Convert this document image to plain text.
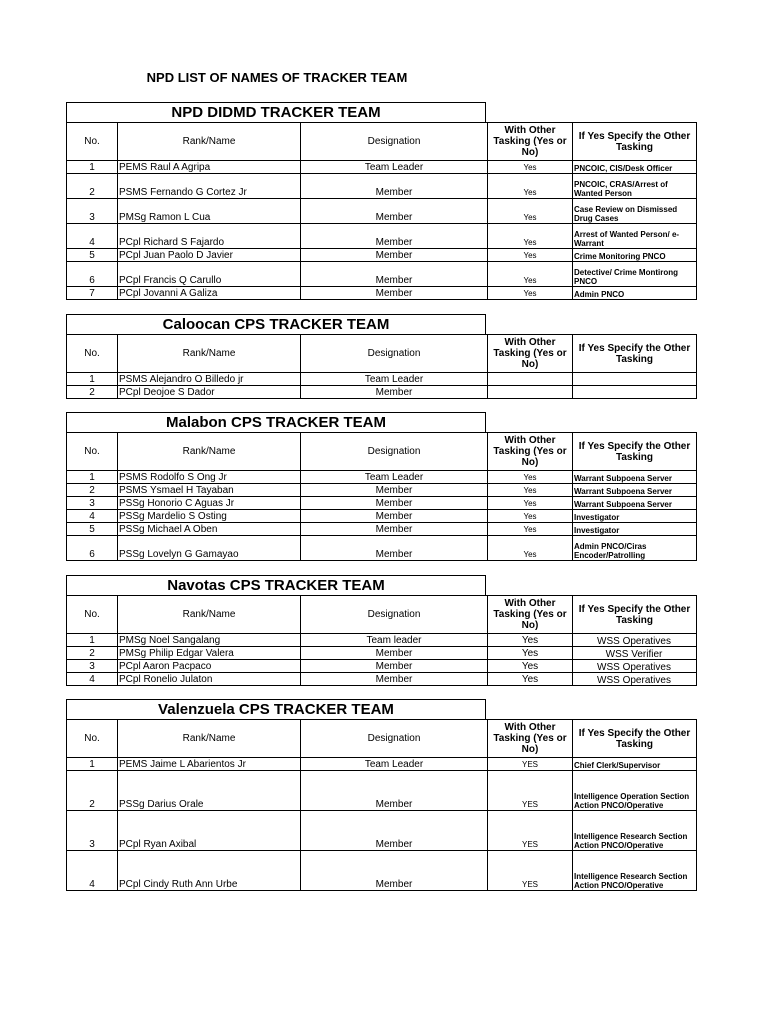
NPD LIST OF NAMES OF TRACKER TEAM
NPD DIDMD TRACKER TEAM
No.	Rank/Name	Designation	With Other Tasking (Yes or No)	If Yes Specify the Other Tasking
1	PEMS Raul A Agripa	Team Leader	Yes	PNCOIC, CIS/Desk Officer
2	PSMS Fernando G Cortez Jr	Member	Yes	PNCOIC, CRAS/Arrest of Wanted Person
3	PMSg Ramon L Cua	Member	Yes	Case Review on Dismissed Drug Cases
4	PCpl Richard S Fajardo	Member	Yes	Arrest of Wanted Person/ e-Warrant
5	PCpl Juan Paolo D Javier	Member	Yes	Crime Monitoring PNCO
6	PCpl Francis Q Carullo	Member	Yes	Detective/ Crime Montirong PNCO
7	PCpl Jovanni A Galiza	Member	Yes	Admin PNCO
Caloocan CPS TRACKER TEAM
No.	Rank/Name	Designation	With Other Tasking (Yes or No)	If Yes Specify the Other Tasking
1	PSMS Alejandro O Billedo jr	Team Leader		
2	PCpl Deojoe S Dador	Member		
Malabon CPS TRACKER TEAM
No.	Rank/Name	Designation	With Other Tasking (Yes or No)	If Yes Specify the Other Tasking
1	PSMS Rodolfo S Ong Jr	Team Leader	Yes	Warrant Subpoena Server
2	PSMS Ysmael H Tayaban	Member	Yes	Warrant Subpoena Server
3	PSSg Honorio C Aguas Jr	Member	Yes	Warrant Subpoena Server
4	PSSg Mardelio S Osting	Member	Yes	Investigator
5	PSSg Michael A Oben	Member	Yes	Investigator
6	PSSg Lovelyn G Gamayao	Member	Yes	Admin PNCO/Ciras Encoder/Patrolling
Navotas CPS TRACKER TEAM
No.	Rank/Name	Designation	With Other Tasking (Yes or No)	If Yes Specify the Other Tasking
1	PMSg Noel Sangalang	Team leader	Yes	WSS Operatives
2	PMSg Philip Edgar Valera	Member	Yes	WSS Verifier
3	PCpl Aaron Pacpaco	Member	Yes	WSS Operatives
4	PCpl Ronelio Julaton	Member	Yes	WSS Operatives
Valenzuela CPS TRACKER TEAM
No.	Rank/Name	Designation	With Other Tasking (Yes or No)	If Yes Specify the Other Tasking
1	PEMS Jaime L Abarientos Jr	Team Leader	YES	Chief Clerk/Supervisor
2	PSSg Darius Orale	Member	YES	Intelligence Operation Section Action PNCO/Operative
3	PCpl Ryan Axibal	Member	YES	Intelligence Research Section Action PNCO/Operative
4	PCpl Cindy Ruth Ann Urbe	Member	YES	Intelligence Research Section Action PNCO/Operative
